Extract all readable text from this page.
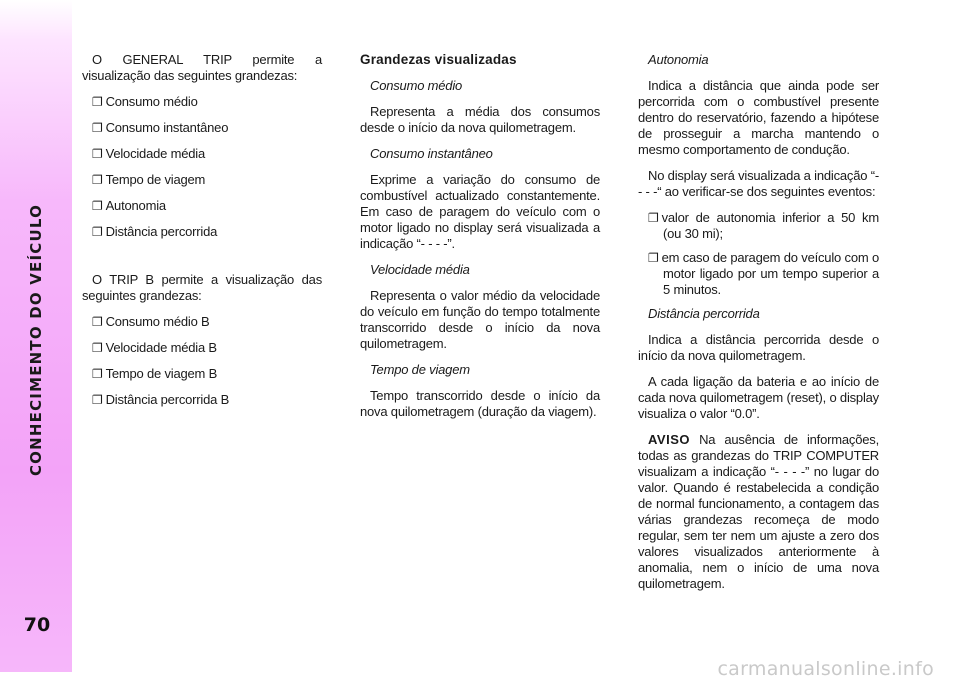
CONHECIMENTO DO VEÍCULO
70

O GENERAL TRIP permite a visualização das seguintes grandezas:

❐ Consumo médio

❐ Consumo instantâneo

❐ Velocidade média

❐ Tempo de viagem

❐ Autonomia

❐ Distância percorrida

O TRIP B permite a visualização das seguintes grandezas:

❐ Consumo médio B

❐ Velocidade média B

❐ Tempo de viagem B

❐ Distância percorrida B

Grandezas visualizadas

Consumo médio

Representa a média dos consumos desde o início da nova quilometragem.

Consumo instantâneo

Exprime a variação do consumo de combustível actualizado constantemente. Em caso de paragem do veículo com o motor ligado no display será visualizada a indicação “- - - -”.

Velocidade média

Representa o valor médio da velocidade do veículo em função do tempo totalmente transcorrido desde o início da nova quilometragem.

Tempo de viagem

Tempo transcorrido desde o início da nova quilometragem (duração da viagem).

Autonomia

Indica a distância que ainda pode ser percorrida com o combustível presente dentro do reservatório, fazendo a hipótese de prosseguir a marcha mantendo o mesmo comportamento de condução.

No display será visualizada a indicação “- - - -“ ao verificar-se dos seguintes eventos:

❐ valor de autonomia inferior a 50 km (ou 30 mi);

❐ em caso de paragem do veículo com o motor ligado por um tempo superior a 5 minutos.

Distância percorrida

Indica a distância percorrida desde o início da nova quilometragem.

A cada ligação da bateria e ao início de cada nova quilometragem (reset), o display visualiza o valor “0.0”.

AVISO Na ausência de informações, todas as grandezas do TRIP COMPUTER visualizam a indicação “- - - -” no lugar do valor. Quando é restabelecida a condição de normal funcionamento, a contagem das várias grandezas recomeça de modo regular, sem ter nem um ajuste a zero dos valores visualizados anteriormente à anomalia, nem o início de uma nova quilometragem.

carmanualsonline.info
